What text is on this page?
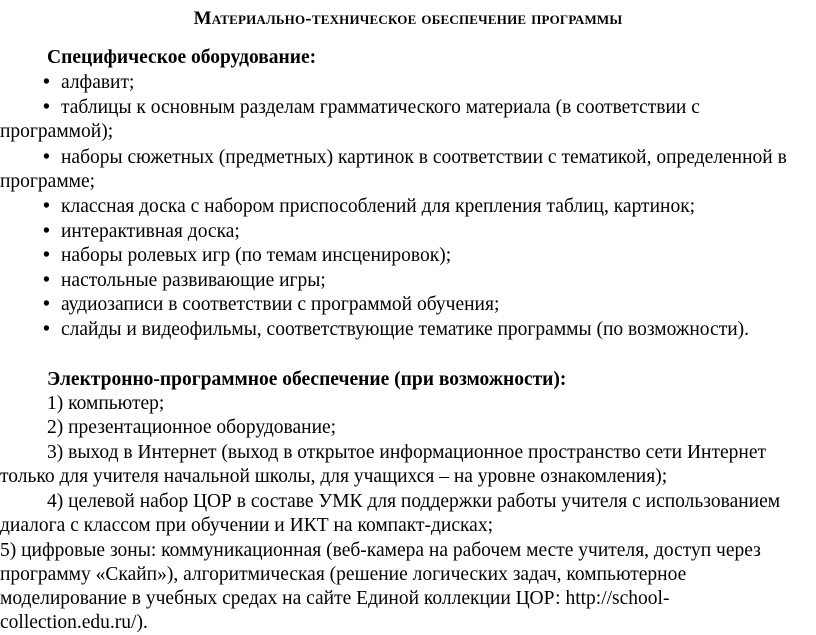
Материально-техническое обеспечение программы
Специфическое оборудование:
• алфавит;
• таблицы к основным разделам грамматического материала (в соответствии с
программой);
• наборы сюжетных (предметных) картинок в соответствии с тематикой, определенной в
программе;
• классная доска с набором приспособлений для крепления таблиц, картинок;
• интерактивная доска;
• наборы ролевых игр (по темам инсценировок);
• настольные развивающие игры;
• аудиозаписи в соответствии с программой обучения;
• слайды и видеофильмы, соответствующие тематике программы (по возможности).
Электронно-программное обеспечение (при возможности):
1) компьютер;
2) презентационное оборудование;
3) выход в Интернет (выход в открытое информационное пространство сети Интернет
только для учителя начальной школы, для учащихся – на уровне ознакомления);
4) целевой набор ЦОР в составе УМК для поддержки работы учителя с использованием
диалога с классом при обучении и ИКТ на компакт-дисках;
5) цифровые зоны: коммуникационная (веб-камера на рабочем месте учителя, доступ через
программу «Скайп»), алгоритмическая (решение логических задач, компьютерное
моделирование в учебных средах на сайте Единой коллекции ЦОР: http://school-
collection.edu.ru/).
